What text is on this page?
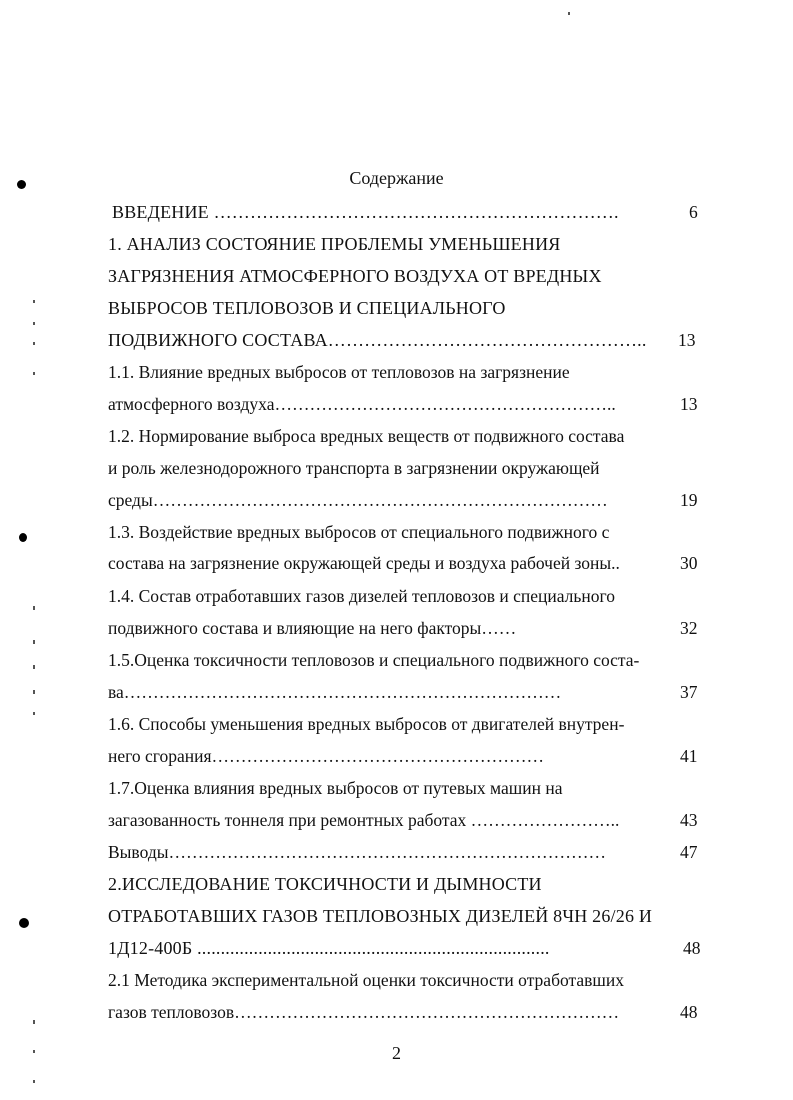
Содержание
ВВЕДЕНИЕ ………………………………………………………….	6
1. АНАЛИЗ СОСТОЯНИЕ ПРОБЛЕМЫ УМЕНЬШЕНИЯ
ЗАГРЯЗНЕНИЯ АТМОСФЕРНОГО ВОЗДУХА ОТ ВРЕДНЫХ
ВЫБРОСОВ ТЕПЛОВОЗОВ И СПЕЦИАЛЬНОГО
ПОДВИЖНОГО СОСТАВА…………………………………………….. 13
1.1. Влияние вредных выбросов от тепловозов на загрязнение
атмосферного воздуха…………………………………………………..	13
1.2. Нормирование выброса вредных веществ от подвижного состава
и роль железнодорожного транспорта в загрязнении окружающей
среды……………………………………………………………………	19
1.3. Воздействие вредных выбросов от специального подвижного с
состава на загрязнение окружающей среды и воздуха рабочей зоны..	30
1.4. Состав отработавших газов дизелей тепловозов и специального
подвижного состава и влияющие на него факторы……	32
1.5.Оценка токсичности тепловозов и специального подвижного соста-
ва…………………………………………………………………	37
1.6. Способы уменьшения вредных выбросов от двигателей внутрен-
него сгорания…………………………………………………	41
1.7.Оценка влияния вредных выбросов от путевых машин на
загазованность тоннеля при ремонтных работах ……………………..	43
Выводы…………………………………………………………………	47
2.ИССЛЕДОВАНИЕ ТОКСИЧНОСТИ И ДЫМНОСТИ
ОТРАБОТАВШИХ ГАЗОВ ТЕПЛОВОЗНЫХ ДИЗЕЛЕЙ 8ЧН 26/26 И
1Д12-400Б ...........................................................................	48
2.1 Методика экспериментальной оценки токсичности отработавших
газов тепловозов…………………………………………………………	48
2
